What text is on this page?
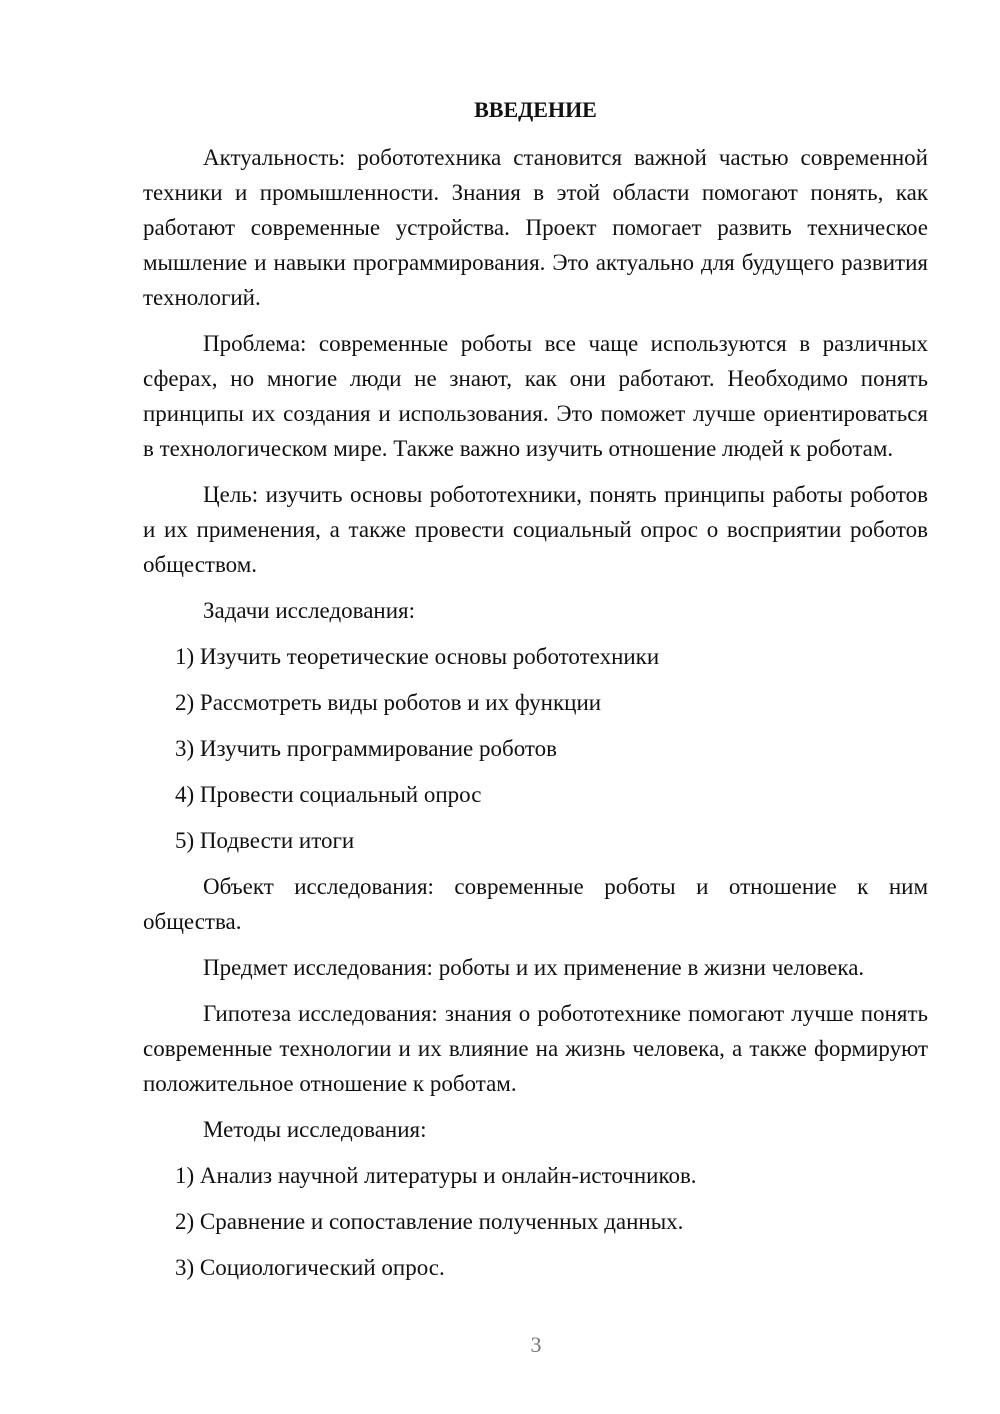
ВВЕДЕНИЕ

Актуальность: робототехника становится важной частью современной техники и промышленности. Знания в этой области помогают понять, как работают современные устройства. Проект помогает развить техническое мышление и навыки программирования. Это актуально для будущего развития технологий.

Проблема: современные роботы все чаще используются в различных сферах, но многие люди не знают, как они работают. Необходимо понять принципы их создания и использования. Это поможет лучше ориентироваться в технологическом мире. Также важно изучить отношение людей к роботам.

Цель: изучить основы робототехники, понять принципы работы роботов и их применения, а также провести социальный опрос о восприятии роботов обществом.

Задачи исследования:

1) Изучить теоретические основы робототехники
2) Рассмотреть виды роботов и их функции
3) Изучить программирование роботов
4) Провести социальный опрос
5) Подвести итоги

Объект исследования: современные роботы и отношение к ним общества.

Предмет исследования: роботы и их применение в жизни человека.

Гипотеза исследования: знания о робототехнике помогают лучше понять современные технологии и их влияние на жизнь человека, а также формируют положительное отношение к роботам.

Методы исследования:

1) Анализ научной литературы и онлайн-источников.
2) Сравнение и сопоставление полученных данных.
3) Социологический опрос.
3
